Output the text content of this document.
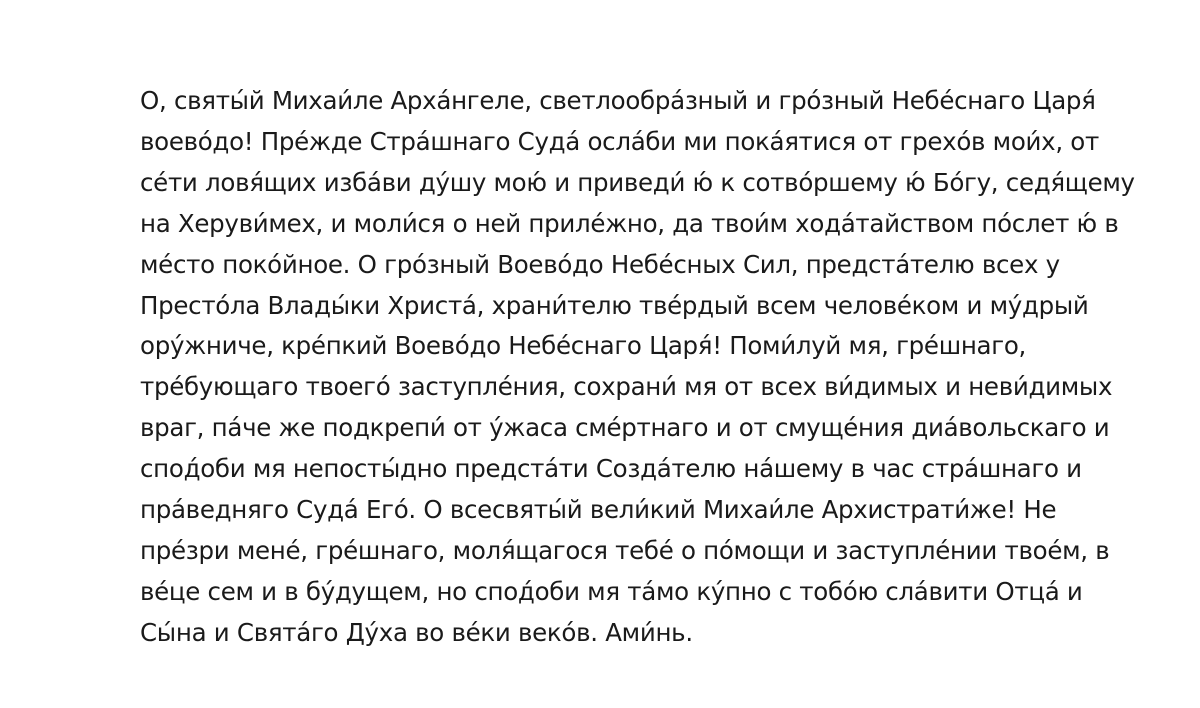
О, святы́й Михаи́ле Арха́нгеле, светлообра́зный и гро́зный Небе́снаго Царя́
воево́до! Пре́жде Стра́шнаго Суда́ осла́би ми пока́ятися от грехо́в мои́х, от
се́ти ловя́щих изба́ви ду́шу мою́ и приведи́ ю́ к сотво́ршему ю́ Бо́гу, седя́щему
на Херуви́мех, и моли́ся о ней приле́жно, да твои́м хода́тайством по́слет ю́ в
ме́сто поко́йное. О гро́зный Воево́до Небе́сных Сил, предста́телю всех у
Престо́ла Влады́ки Христа́, храни́телю тве́рдый всем челове́ком и му́дрый
ору́жниче, кре́пкий Воево́до Небе́снаго Царя́! Поми́луй мя, гре́шнаго,
тре́бующаго твоего́ заступле́ния, сохрани́ мя от всех ви́димых и неви́димых
враг, па́че же подкрепи́ от у́жаса сме́ртнаго и от смуще́ния диа́вольскаго и
спод́оби мя непосты́дно предста́ти Созда́телю на́шему в час стра́шнаго и
пра́ведняго Суда́ Его́. О всесвяты́й вели́кий Михаи́ле Архистрати́же! Не
пре́зри мене́, гре́шнаго, моля́щагося тебе́ о по́мощи и заступле́нии твое́м, в
ве́це сем и в бу́дущем, но спод́оби мя та́мо ку́пно с тобо́ю сла́вити Отца́ и
Сы́на и Свята́го Ду́ха во ве́ки веко́в. Ами́нь.
